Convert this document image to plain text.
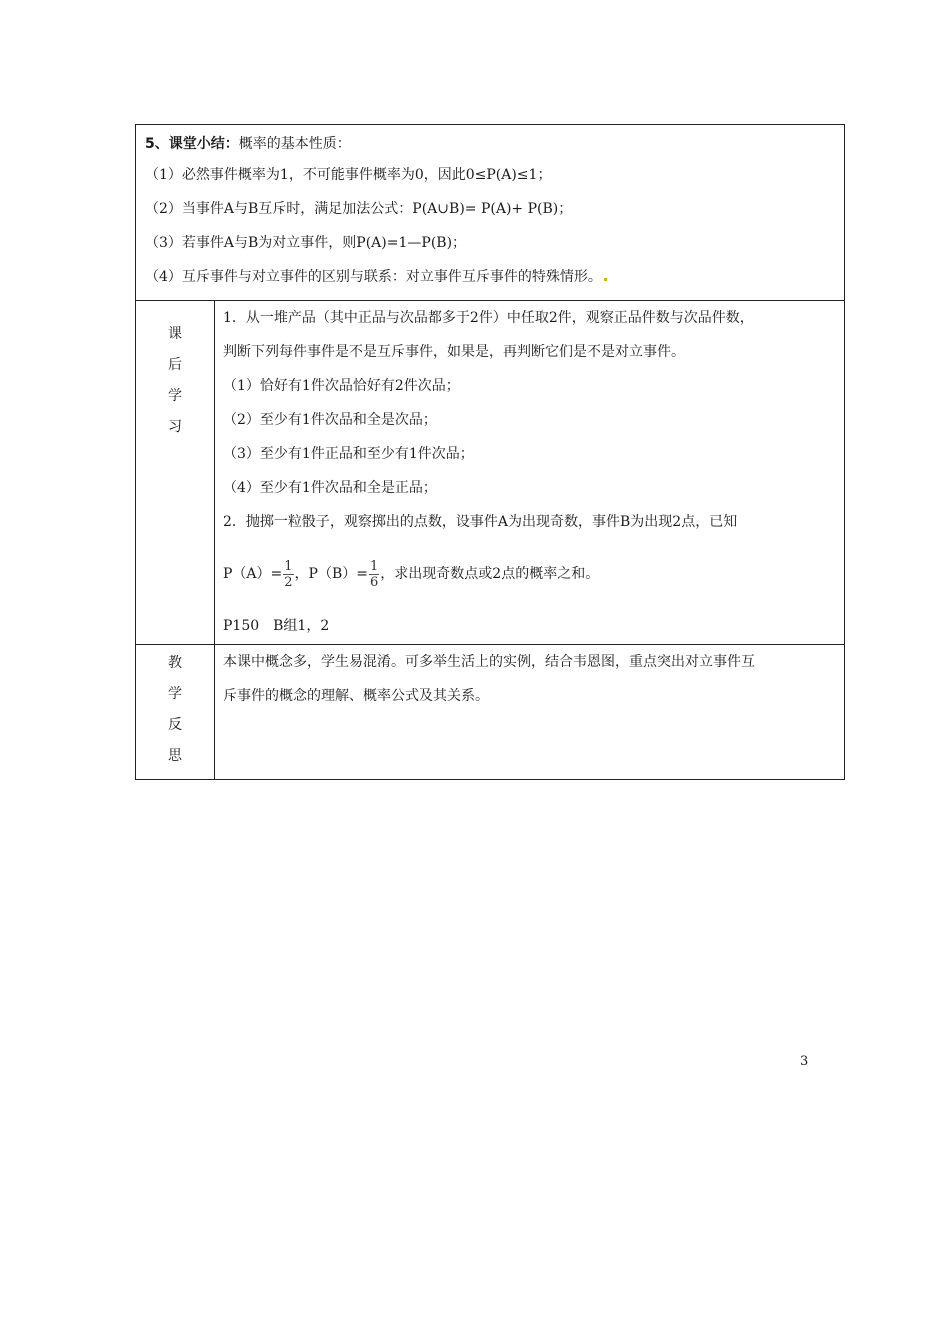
5、课堂小结：概率的基本性质：
（1）必然事件概率为1，不可能事件概率为0，因此0≤P(A)≤1；
（2）当事件A与B互斥时，满足加法公式：P(A∪B)= P(A)+ P(B)；
（3）若事件A与B为对立事件，则P(A)=1—P(B)；
（4）互斥事件与对立事件的区别与联系：对立事件互斥事件的特殊情形。
课
后
学
习
1．从一堆产品（其中正品与次品都多于2件）中任取2件，观察正品件数与次品件数，
判断下列每件事件是不是互斥事件，如果是，再判断它们是不是对立事件。
（1）恰好有1件次品恰好有2件次品；
（2）至少有1件次品和全是次品；
（3）至少有1件正品和至少有1件次品；
（4）至少有1件次品和全是正品；
2．抛掷一粒骰子，观察掷出的点数，设事件A为出现奇数，事件B为出现2点，已知
$P(A)= \frac{1}{2}$ ，$P(B)= \frac{1}{6}$ ，求出现奇数点或2点的概率之和。
P150　B组1，2
教
学
反
思
本课中概念多，学生易混淆。可多举生活上的实例，结合韦恩图，重点突出对立事件互
斥事件的概念的理解、概率公式及其关系。
3
